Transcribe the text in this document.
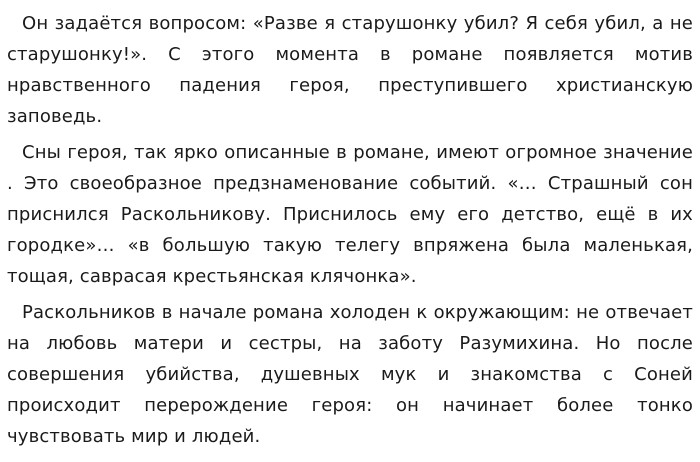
Он задаётся вопросом: «Разве я старушонку убил? Я себя убил, а не старушонку!». С этого момента в романе появляется мотив нравственного падения героя, преступившего христианскую заповедь.

Сны героя, так ярко описанные в романе, имеют огромное значение . Это своеобразное предзнаменование событий. «… Страшный сон приснился Раскольникову. Приснилось ему его детство, ещё в их городке»… «в большую такую телегу впряжена была маленькая, тощая, саврасая крестьянская клячонка».

Раскольников в начале романа холоден к окружающим: не отвечает на любовь матери и сестры, на заботу Разумихина. Но после совершения убийства, душевных мук и знакомства с Соней происходит перерождение героя: он начинает более тонко чувствовать мир и людей.
